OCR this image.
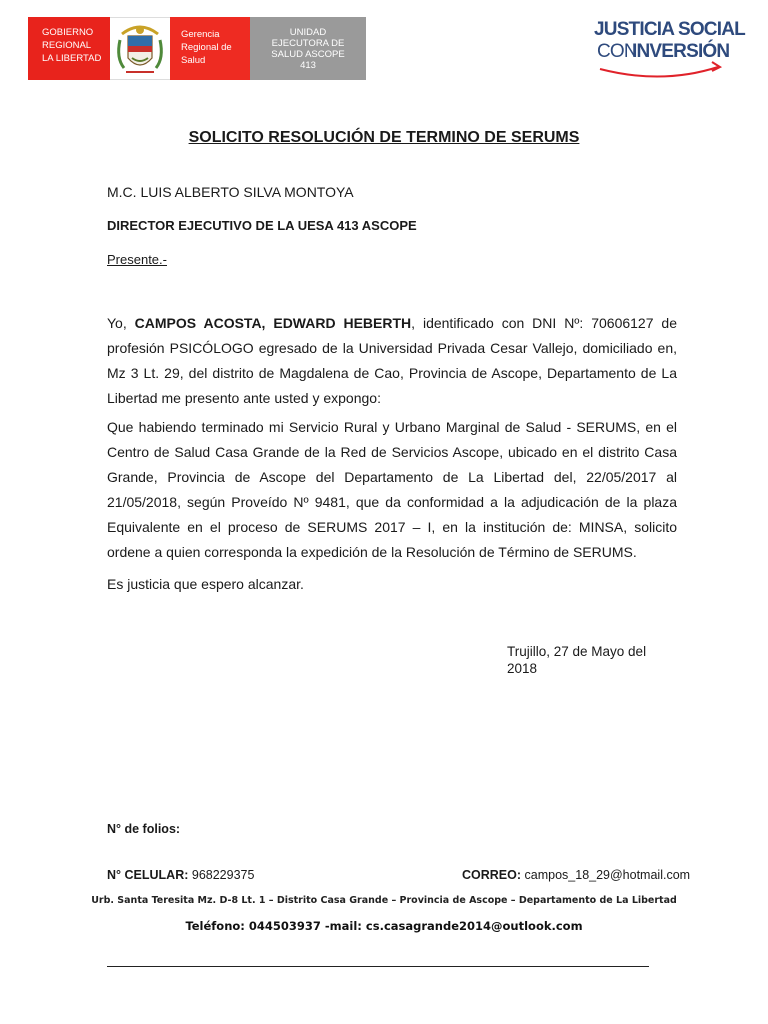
GOBIERNO
REGIONAL
LA LIBERTAD
Gerencia
Regional de
Salud
UNIDAD
EJECUTORA DE
SALUD ASCOPE
413
JUSTICIA SOCIAL
CON
INVERSIÓN
SOLICITO RESOLUCIÓN DE TERMINO DE SERUMS
M.C. LUIS ALBERTO SILVA MONTOYA
DIRECTOR EJECUTIVO DE LA UESA 413 ASCOPE
Presente.-
Yo, CAMPOS ACOSTA, EDWARD HEBERTH, identificado con DNI Nº: 70606127 de profesión PSICÓLOGO egresado de la Universidad Privada Cesar Vallejo, domiciliado en, Mz 3 Lt. 29, del distrito de Magdalena de Cao, Provincia de Ascope, Departamento de La Libertad me presento ante usted y expongo:
Que habiendo terminado mi Servicio Rural y Urbano Marginal de Salud - SERUMS, en el Centro de Salud Casa Grande de la Red de Servicios Ascope, ubicado en el distrito Casa Grande, Provincia de Ascope del Departamento de La Libertad del, 22/05/2017 al 21/05/2018, según Proveído Nº 9481, que da conformidad a la adjudicación de la plaza Equivalente en el proceso de SERUMS 2017 – I, en la institución de: MINSA, solicito ordene a quien corresponda la expedición de la Resolución de Término de SERUMS.
Es justicia que espero alcanzar.
Trujillo, 27 de Mayo del
2018
N° de folios:
N° CELULAR: 968229375	CORREO: campos_18_29@hotmail.com
Urb. Santa Teresita Mz. D-8 Lt. 1 – Distrito Casa Grande – Provincia de Ascope – Departamento de La Libertad
Teléfono: 044503937 -mail: cs.casagrande2014@outlook.com
